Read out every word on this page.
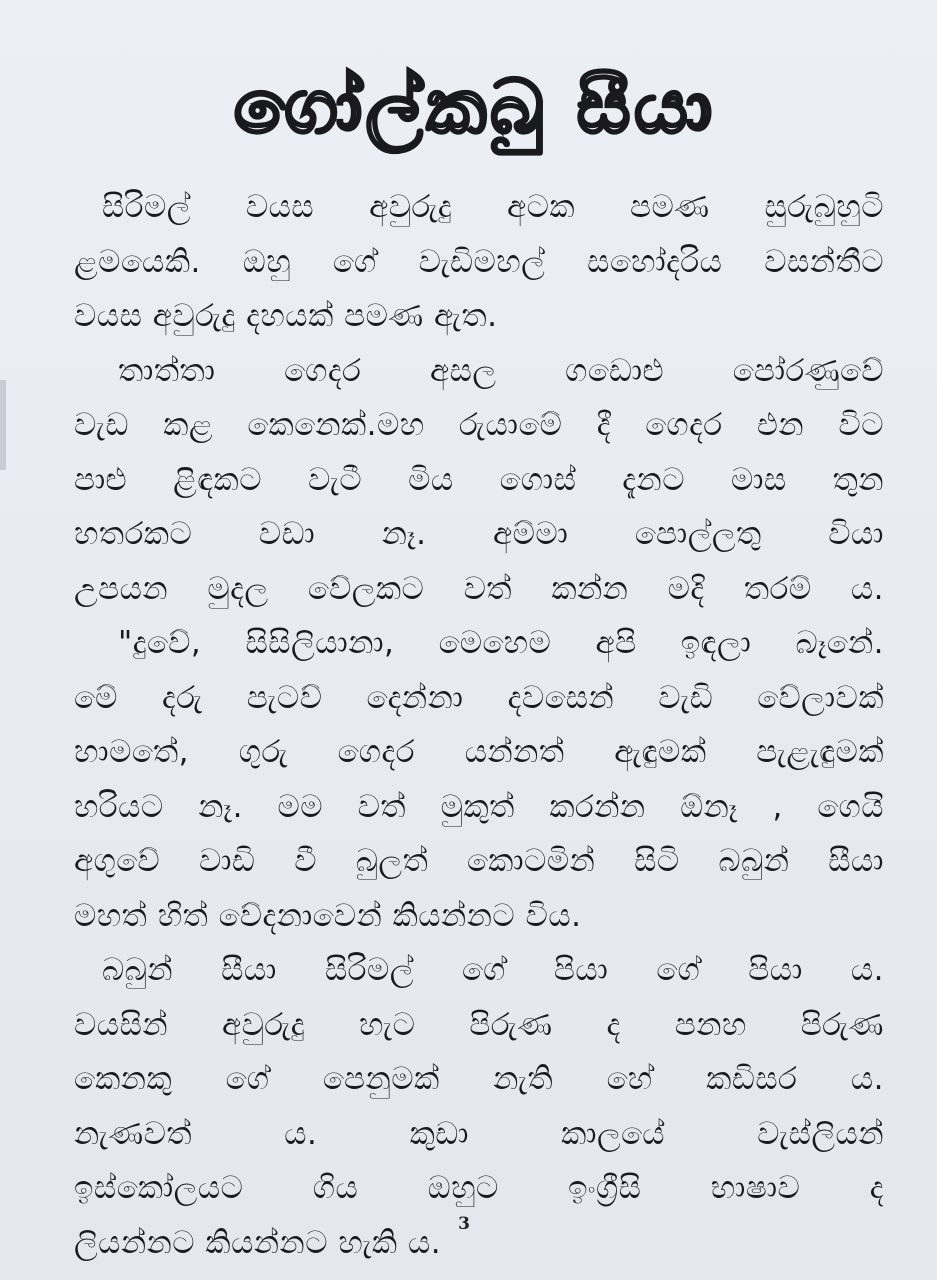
ගෝල්කබු සීයා
සිරිමල් වයස අවුරුදු අටක පමණ සුරුබුහුටි
ළමයෙකි. ඔහු ගේ වැඩිමහල් සහෝදරිය වසන්තීට
වයස අවුරුදු දහයක් පමණ ඇත.
තාත්තා ගෙදර අසල ගඩොළු පෝරණුවේ
වැඩ කළ කෙනෙක්.මහ රුයාමේ දී ගෙදර එන විට
පාළු ළිඳකට වැටී මිය ගොස් දැනට මාස තුන
හතරකට වඩා නෑ. අම්මා පොල්ලතු වියා
උපයන මුදල වේලකට වත් කන්න මදි තරම් ය.
"දුවේ, සිසිලියානා, මෙහෙම අපි ඉඳලා බෑනේ.
මේ දරු පැටව් දෙන්නා දවසෙන් වැඩි වේලාවක්
හාමතේ, ගුරු ගෙදර යන්නත් ඇඳුමක් පැළැඳුමක්
හරියට නෑ. මම වත් මුකුත් කරන්න ඕනෑ , ගෙයි
අගුවේ වාඩි වී බුලත් කොටමින් සිටි බබුන් සීයා
මහත් හිත් වේදනාවෙන් කියන්නට විය.
බබුන් සීයා සිරිමල් ගේ පියා ගේ පියා ය.
වයසින් අවුරුදු හැට පිරුණ ද පනහ පිරුණ
කෙනකු ගේ පෙනුමක් නැති හේ කඩිසර ය.
නැණවත් ය. කුඩා කාලයේ වැස්ලියන්
ඉස්කෝලයට ගිය ඔහුට ඉංග්‍රීසි භාෂාව ද
ලියන්නට කියන්නට හැකි ය.
3
